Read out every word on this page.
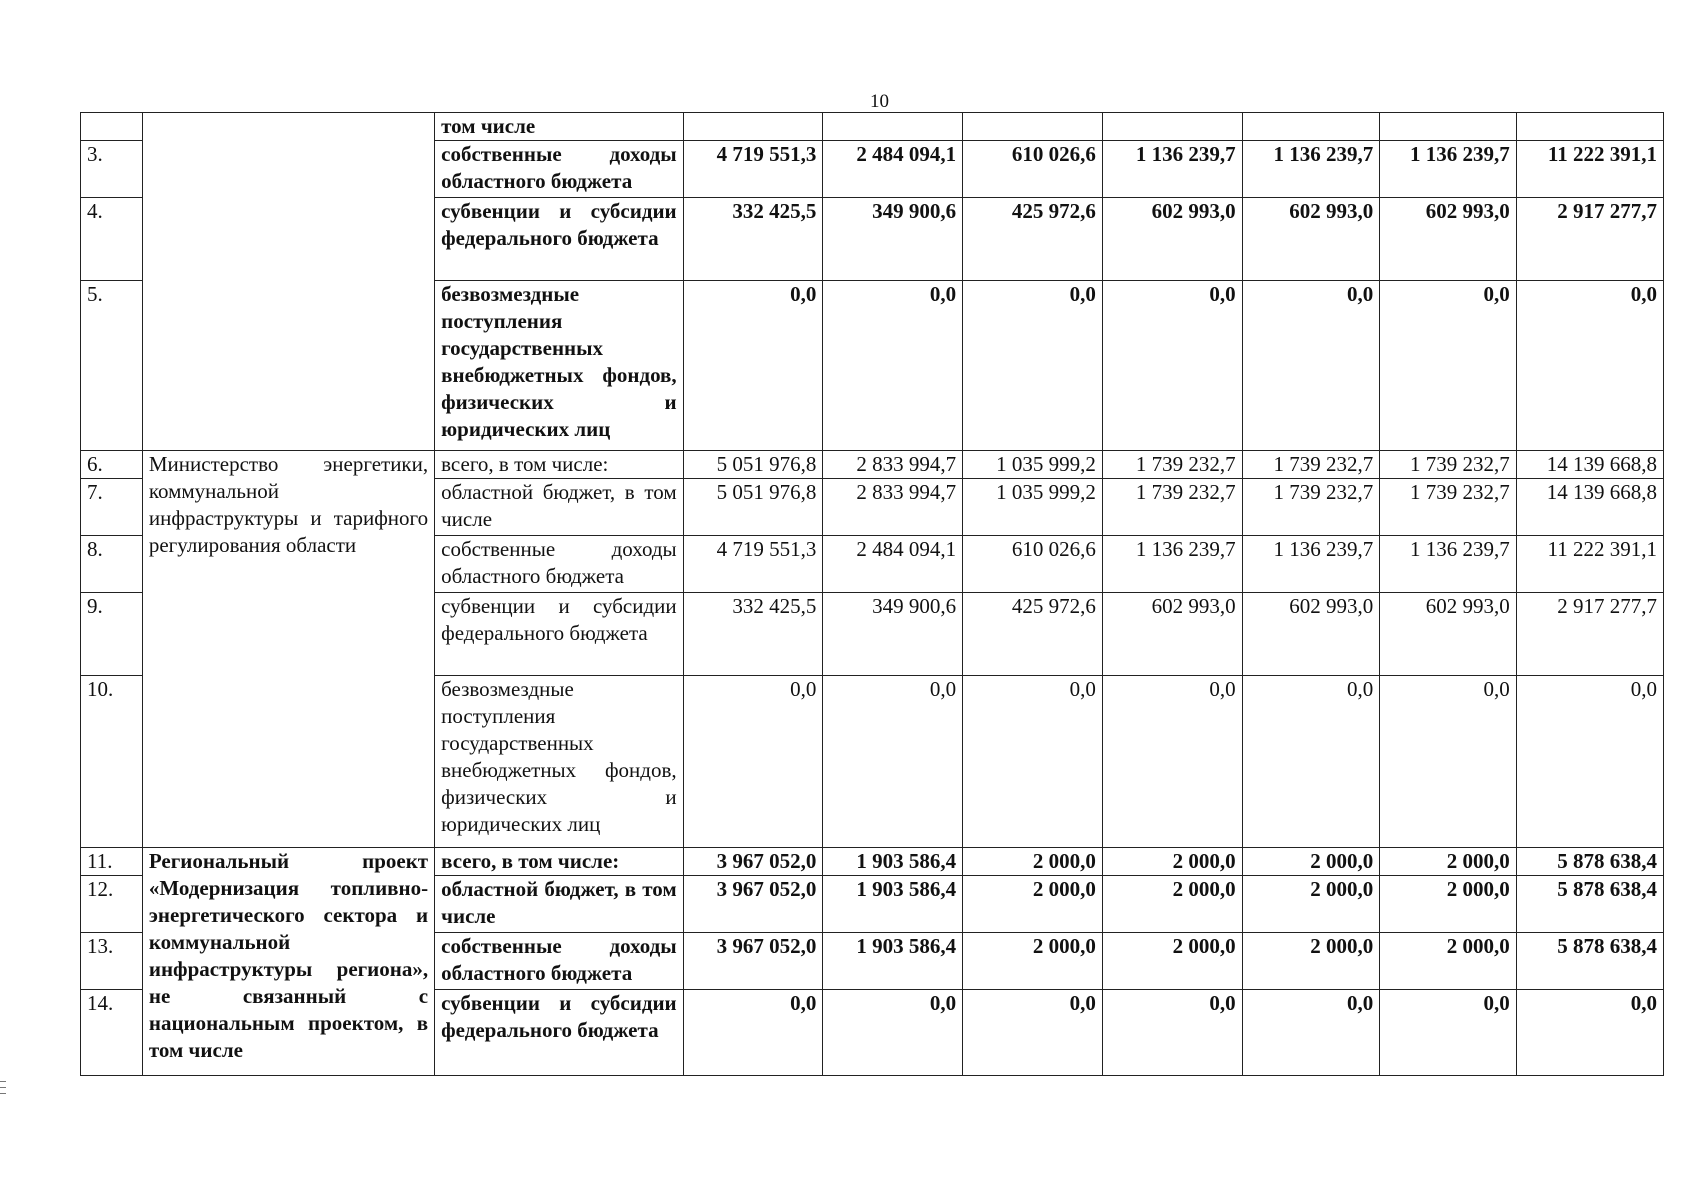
10
		том числе							
3.		собственные доходы областного бюджета	4 719 551,3	2 484 094,1	610 026,6	1 136 239,7	1 136 239,7	1 136 239,7	11 222 391,1
4.		субвенции и субсидии федерального бюджета	332 425,5	349 900,6	425 972,6	602 993,0	602 993,0	602 993,0	2 917 277,7
5.		безвозмездные поступления государственных внебюджетных фондов, физических и юридических лиц	0,0	0,0	0,0	0,0	0,0	0,0	0,0
6.	Министерство энергетики, коммунальной инфраструктуры и тарифного регулирования области	всего, в том числе:	5 051 976,8	2 833 994,7	1 035 999,2	1 739 232,7	1 739 232,7	1 739 232,7	14 139 668,8
7.		областной бюджет, в том числе	5 051 976,8	2 833 994,7	1 035 999,2	1 739 232,7	1 739 232,7	1 739 232,7	14 139 668,8
8.		собственные доходы областного бюджета	4 719 551,3	2 484 094,1	610 026,6	1 136 239,7	1 136 239,7	1 136 239,7	11 222 391,1
9.		субвенции и субсидии федерального бюджета	332 425,5	349 900,6	425 972,6	602 993,0	602 993,0	602 993,0	2 917 277,7
10.		безвозмездные поступления государственных внебюджетных фондов, физических и юридических лиц	0,0	0,0	0,0	0,0	0,0	0,0	0,0
11.	Региональный проект «Модернизация топливно-энергетического сектора и коммунальной инфраструктуры региона», не связанный с национальным проектом, в том числе	всего, в том числе:	3 967 052,0	1 903 586,4	2 000,0	2 000,0	2 000,0	2 000,0	5 878 638,4
12.		областной бюджет, в том числе	3 967 052,0	1 903 586,4	2 000,0	2 000,0	2 000,0	2 000,0	5 878 638,4
13.		собственные доходы областного бюджета	3 967 052,0	1 903 586,4	2 000,0	2 000,0	2 000,0	2 000,0	5 878 638,4
14.		субвенции и субсидии федерального бюджета	0,0	0,0	0,0	0,0	0,0	0,0	0,0
